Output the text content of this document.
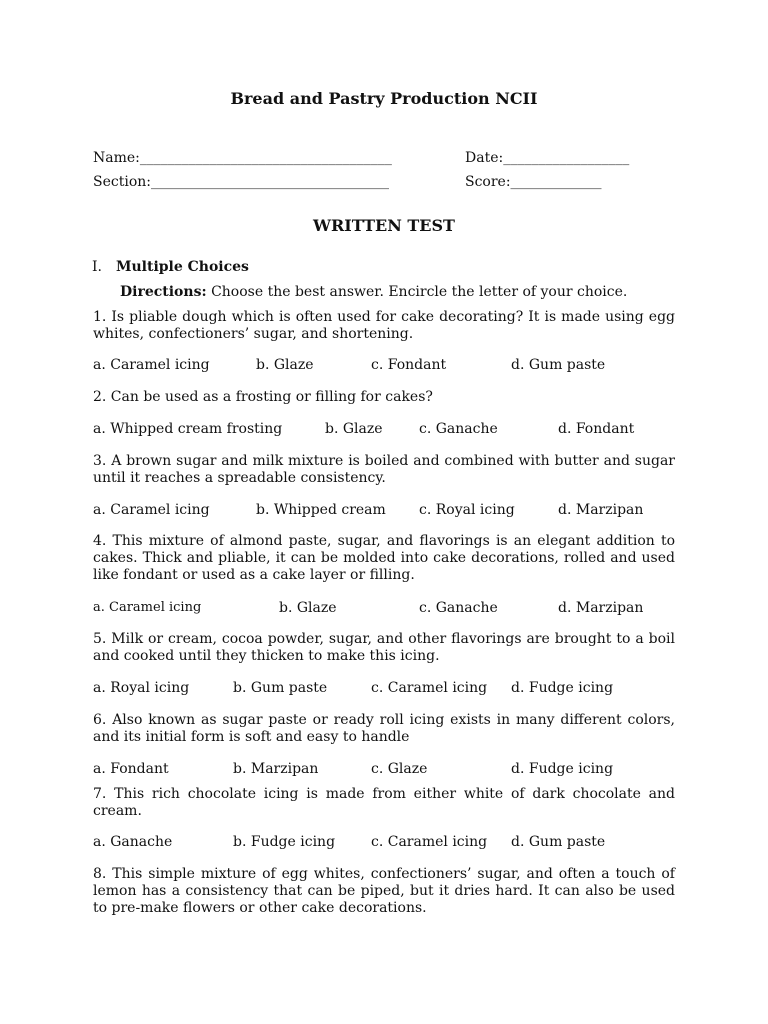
Bread and Pastry Production NCII
Name:____________________________________	Date:__________________
Section:__________________________________	Score:_____________
WRITTEN TEST
I. Multiple Choices
Directions: Choose the best answer. Encircle the letter of your choice.
1. Is pliable dough which is often used for cake decorating? It is made using egg whites, confectioners’ sugar, and shortening.
a. Caramel icing	b. Glaze	c. Fondant	d. Gum paste
2. Can be used as a frosting or filling for cakes?
a. Whipped cream frosting	b. Glaze	c. Ganache	d. Fondant
3. A brown sugar and milk mixture is boiled and combined with butter and sugar until it reaches a spreadable consistency.
a. Caramel icing	b. Whipped cream c. Royal icing	d. Marzipan
4. This mixture of almond paste, sugar, and flavorings is an elegant addition to cakes. Thick and pliable, it can be molded into cake decorations, rolled and used like fondant or used as a cake layer or filling.
a. Caramel icing	b. Glaze	c. Ganache	d. Marzipan
5. Milk or cream, cocoa powder, sugar, and other flavorings are brought to a boil and cooked until they thicken to make this icing.
a. Royal icing	b. Gum paste	c. Caramel icing d. Fudge icing
6. Also known as sugar paste or ready roll icing exists in many different colors, and its initial form is soft and easy to handle
a. Fondant	b. Marzipan	c. Glaze	d. Fudge icing
7. This rich chocolate icing is made from either white of dark chocolate and cream.
a. Ganache	b. Fudge icing	c. Caramel icing d. Gum paste
8. This simple mixture of egg whites, confectioners’ sugar, and often a touch of lemon has a consistency that can be piped, but it dries hard. It can also be used to pre-make flowers or other cake decorations.
